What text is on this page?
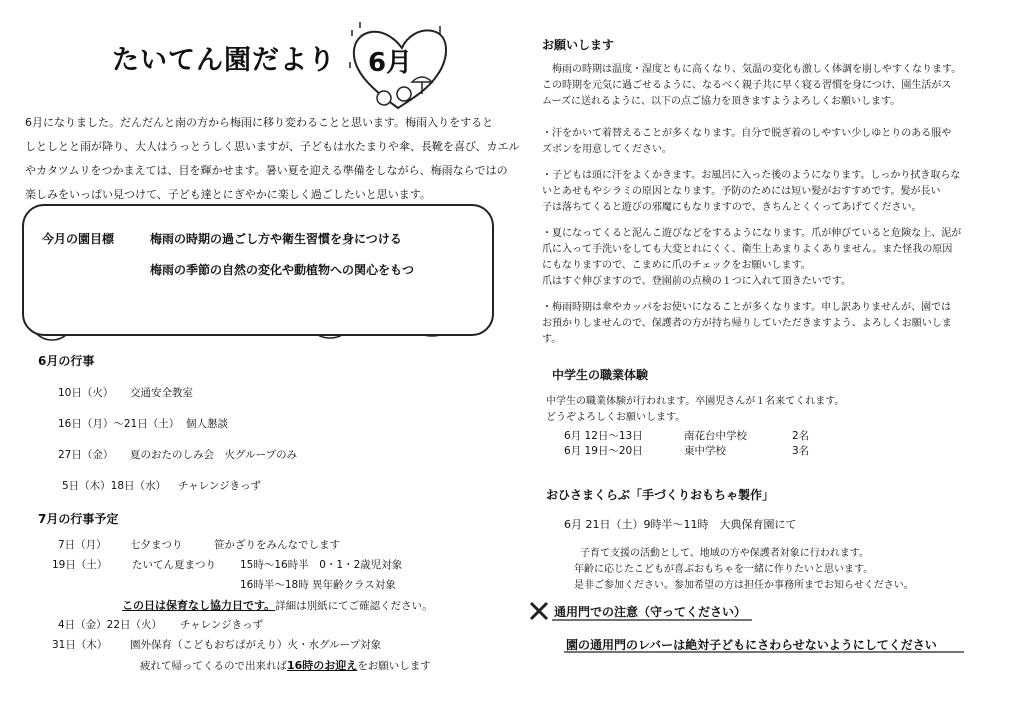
たいてん園だより 6月

6月になりました。だんだんと南の方から梅雨に移り変わることと思います。梅雨入りをすると

しとしとと雨が降り、大人はうっとうしく思いますが、子どもは水たまりや傘、長靴を喜び、カエル

やカタツムリをつかまえては、目を輝かせます。暑い夏を迎える準備をしながら、梅雨ならではの

楽しみをいっぱい見つけて、子ども達とにぎやかに楽しく過ごしたいと思います。

今月の園目標	梅雨の時期の過ごし方や衛生習慣を身につける
梅雨の季節の自然の変化や動植物への関心をもつ
6月の行事
10日（火） 交通安全教室
16日（月）～21日（土） 個人懇談
27日（金） 夏のおたのしみ会　火グループのみ
5日（木）18日（水） チャレンジきっず
7月の行事予定
7日（月） 七夕まつり	笹かざりをみんなでします
19日（土） たいてん夏まつり 15時～16時半　0・1・2歳児対象
16時半～18時 異年齢クラス対象
この日は保育なし協力日です。詳細は別紙にてご確認ください。
4日（金）22日（火） チャレンジきっず
31日（木） 園外保育（こどもおぢばがえり）火・水グループ対象
疲れて帰ってくるので出来れば16時のお迎えをお願いします
お願いします

梅雨の時期は温度・湿度ともに高くなり、気温の変化も激しく体調を崩しやすくなります。

この時期を元気に過ごせるように、なるべく親子共に早く寝る習慣を身につけ、園生活がス

ムーズに送れるように、以下の点ご協力を頂きますようよろしくお願いします。

・汗をかいて着替えることが多くなります。自分で脱ぎ着のしやすい少しゆとりのある服や

ズボンを用意してください。

・子どもは頭に汗をよくかきます。お風呂に入った後のようになります。しっかり拭き取らな

いとあせもやシラミの原因となります。予防のためには短い髪がおすすめです。髪が長い

子は落ちてくると遊びの邪魔にもなりますので、きちんとくくってあげてください。

・夏になってくると泥んこ遊びなどをするようになります。爪が伸びていると危険な上、泥が

爪に入って手洗いをしても大変とれにくく、衛生上あまりよくありません。また怪我の原因

にもなりますので、こまめに爪のチェックをお願いします。

爪はすぐ伸びますので、登園前の点検の１つに入れて頂きたいです。

・梅雨時期は傘やカッパをお使いになることが多くなります。申し訳ありませんが、園では

お預かりしませんので、保護者の方が持ち帰りしていただきますよう、よろしくお願いしま

す。

中学生の職業体験

中学生の職業体験が行われます。卒園児さんが１名来てくれます。

どうぞよろしくお願いします。

6月 12日～13日	南花台中学校	2名
6月 19日～20日	東中学校	3名
おひさまくらぶ「手づくりおもちゃ製作」
6月 21日（土）9時半～11時　大典保育園にて

子育て支援の活動として、地域の方や保護者対象に行われます。

年齢に応じたこどもが喜ぶおもちゃを一緒に作りたいと思います。

是非ご参加ください。参加希望の方は担任か事務所までお知らせください。

通用門での注意（守ってください）
園の通用門のレバーは絶対子どもにさわらせないようにしてください
